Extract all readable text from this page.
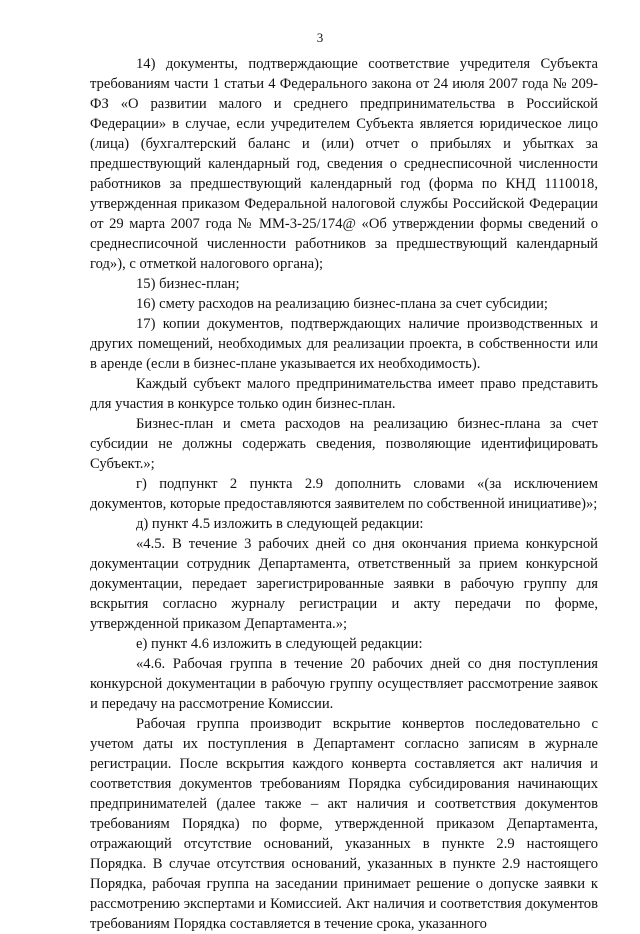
3

14) документы, подтверждающие соответствие учредителя Субъекта требованиям части 1 статьи 4 Федерального закона от 24 июля 2007 года № 209-ФЗ «О развитии малого и среднего предпринимательства в Российской Федерации» в случае, если учредителем Субъекта является юридическое лицо (лица) (бухгалтерский баланс и (или) отчет о прибылях и убытках за предшествующий календарный год, сведения о среднесписочной численности работников за предшествующий календарный год (форма по КНД 1110018, утвержденная приказом Федеральной налоговой службы Российской Федерации от 29 марта 2007 года № ММ-3-25/174@ «Об утверждении формы сведений о среднесписочной численности работников за предшествующий календарный год»), с отметкой налогового органа);

15) бизнес-план;

16) смету расходов на реализацию бизнес-плана за счет субсидии;

17) копии документов, подтверждающих наличие производственных и других помещений, необходимых для реализации проекта, в собственности или в аренде (если в бизнес-плане указывается их необходимость).

Каждый субъект малого предпринимательства имеет право представить для участия в конкурсе только один бизнес-план.

Бизнес-план и смета расходов на реализацию бизнес-плана за счет субсидии не должны содержать сведения, позволяющие идентифицировать Субъект.»;

г) подпункт 2 пункта 2.9 дополнить словами «(за исключением документов, которые предоставляются заявителем по собственной инициативе)»;

д) пункт 4.5 изложить в следующей редакции:

«4.5. В течение 3 рабочих дней со дня окончания приема конкурсной документации сотрудник Департамента, ответственный за прием конкурсной документации, передает зарегистрированные заявки в рабочую группу для вскрытия согласно журналу регистрации и акту передачи по форме, утвержденной приказом Департамента.»;

е) пункт 4.6 изложить в следующей редакции:

«4.6. Рабочая группа в течение 20 рабочих дней со дня поступления конкурсной документации в рабочую группу осуществляет рассмотрение заявок и передачу на рассмотрение Комиссии.

Рабочая группа производит вскрытие конвертов последовательно с учетом даты их поступления в Департамент согласно записям в журнале регистрации. После вскрытия каждого конверта составляется акт наличия и соответствия документов требованиям Порядка субсидирования начинающих предпринимателей (далее также – акт наличия и соответствия документов требованиям Порядка) по форме, утвержденной приказом Департамента, отражающий отсутствие оснований, указанных в пункте 2.9 настоящего Порядка. В случае отсутствия оснований, указанных в пункте 2.9 настоящего Порядка, рабочая группа на заседании принимает решение о допуске заявки к рассмотрению экспертами и Комиссией. Акт наличия и соответствия документов требованиям Порядка составляется в течение срока, указанного
